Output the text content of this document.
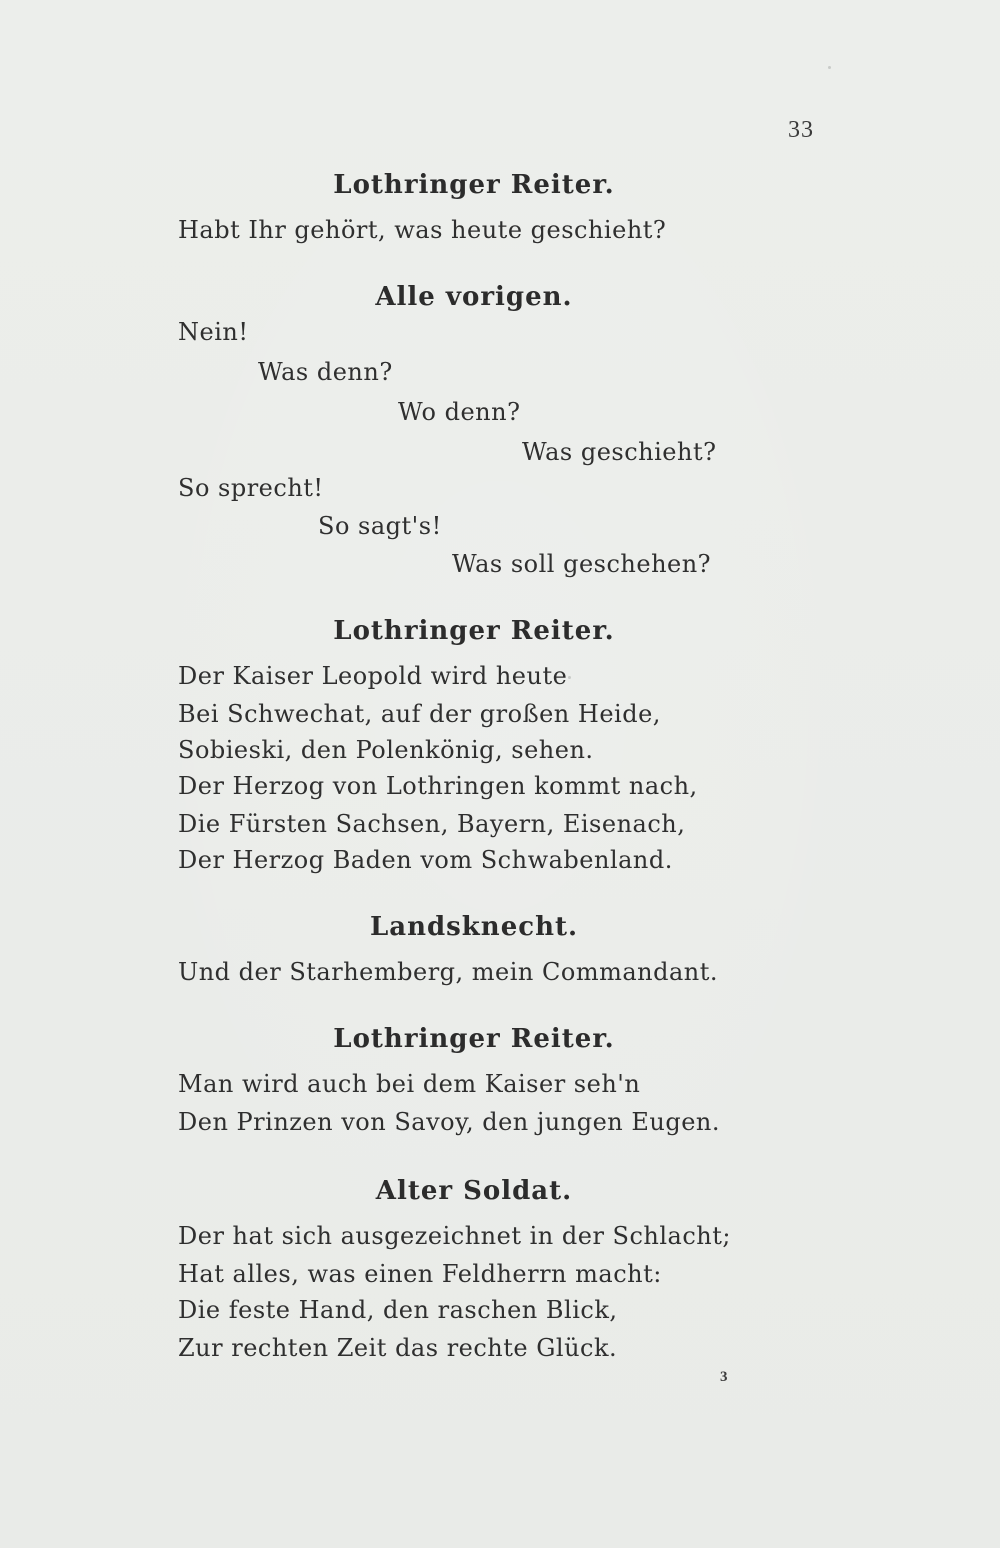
33
Lothringer Reiter.
Habt Ihr gehört, was heute geschieht?
Alle vorigen.
Nein!
Was denn?
Wo denn?
Was geschieht?
So sprecht!
So sagt's!
Was soll geschehen?
Lothringer Reiter.
Der Kaiser Leopold wird heute
Bei Schwechat, auf der großen Heide,
Sobieski, den Polenkönig, sehen.
Der Herzog von Lothringen kommt nach,
Die Fürsten Sachsen, Bayern, Eisenach,
Der Herzog Baden vom Schwabenland.
Landsknecht.
Und der Starhemberg, mein Commandant.
Lothringer Reiter.
Man wird auch bei dem Kaiser seh'n
Den Prinzen von Savoy, den jungen Eugen.
Alter Soldat.
Der hat sich ausgezeichnet in der Schlacht;
Hat alles, was einen Feldherrn macht:
Die feste Hand, den raschen Blick,
Zur rechten Zeit das rechte Glück.
3
